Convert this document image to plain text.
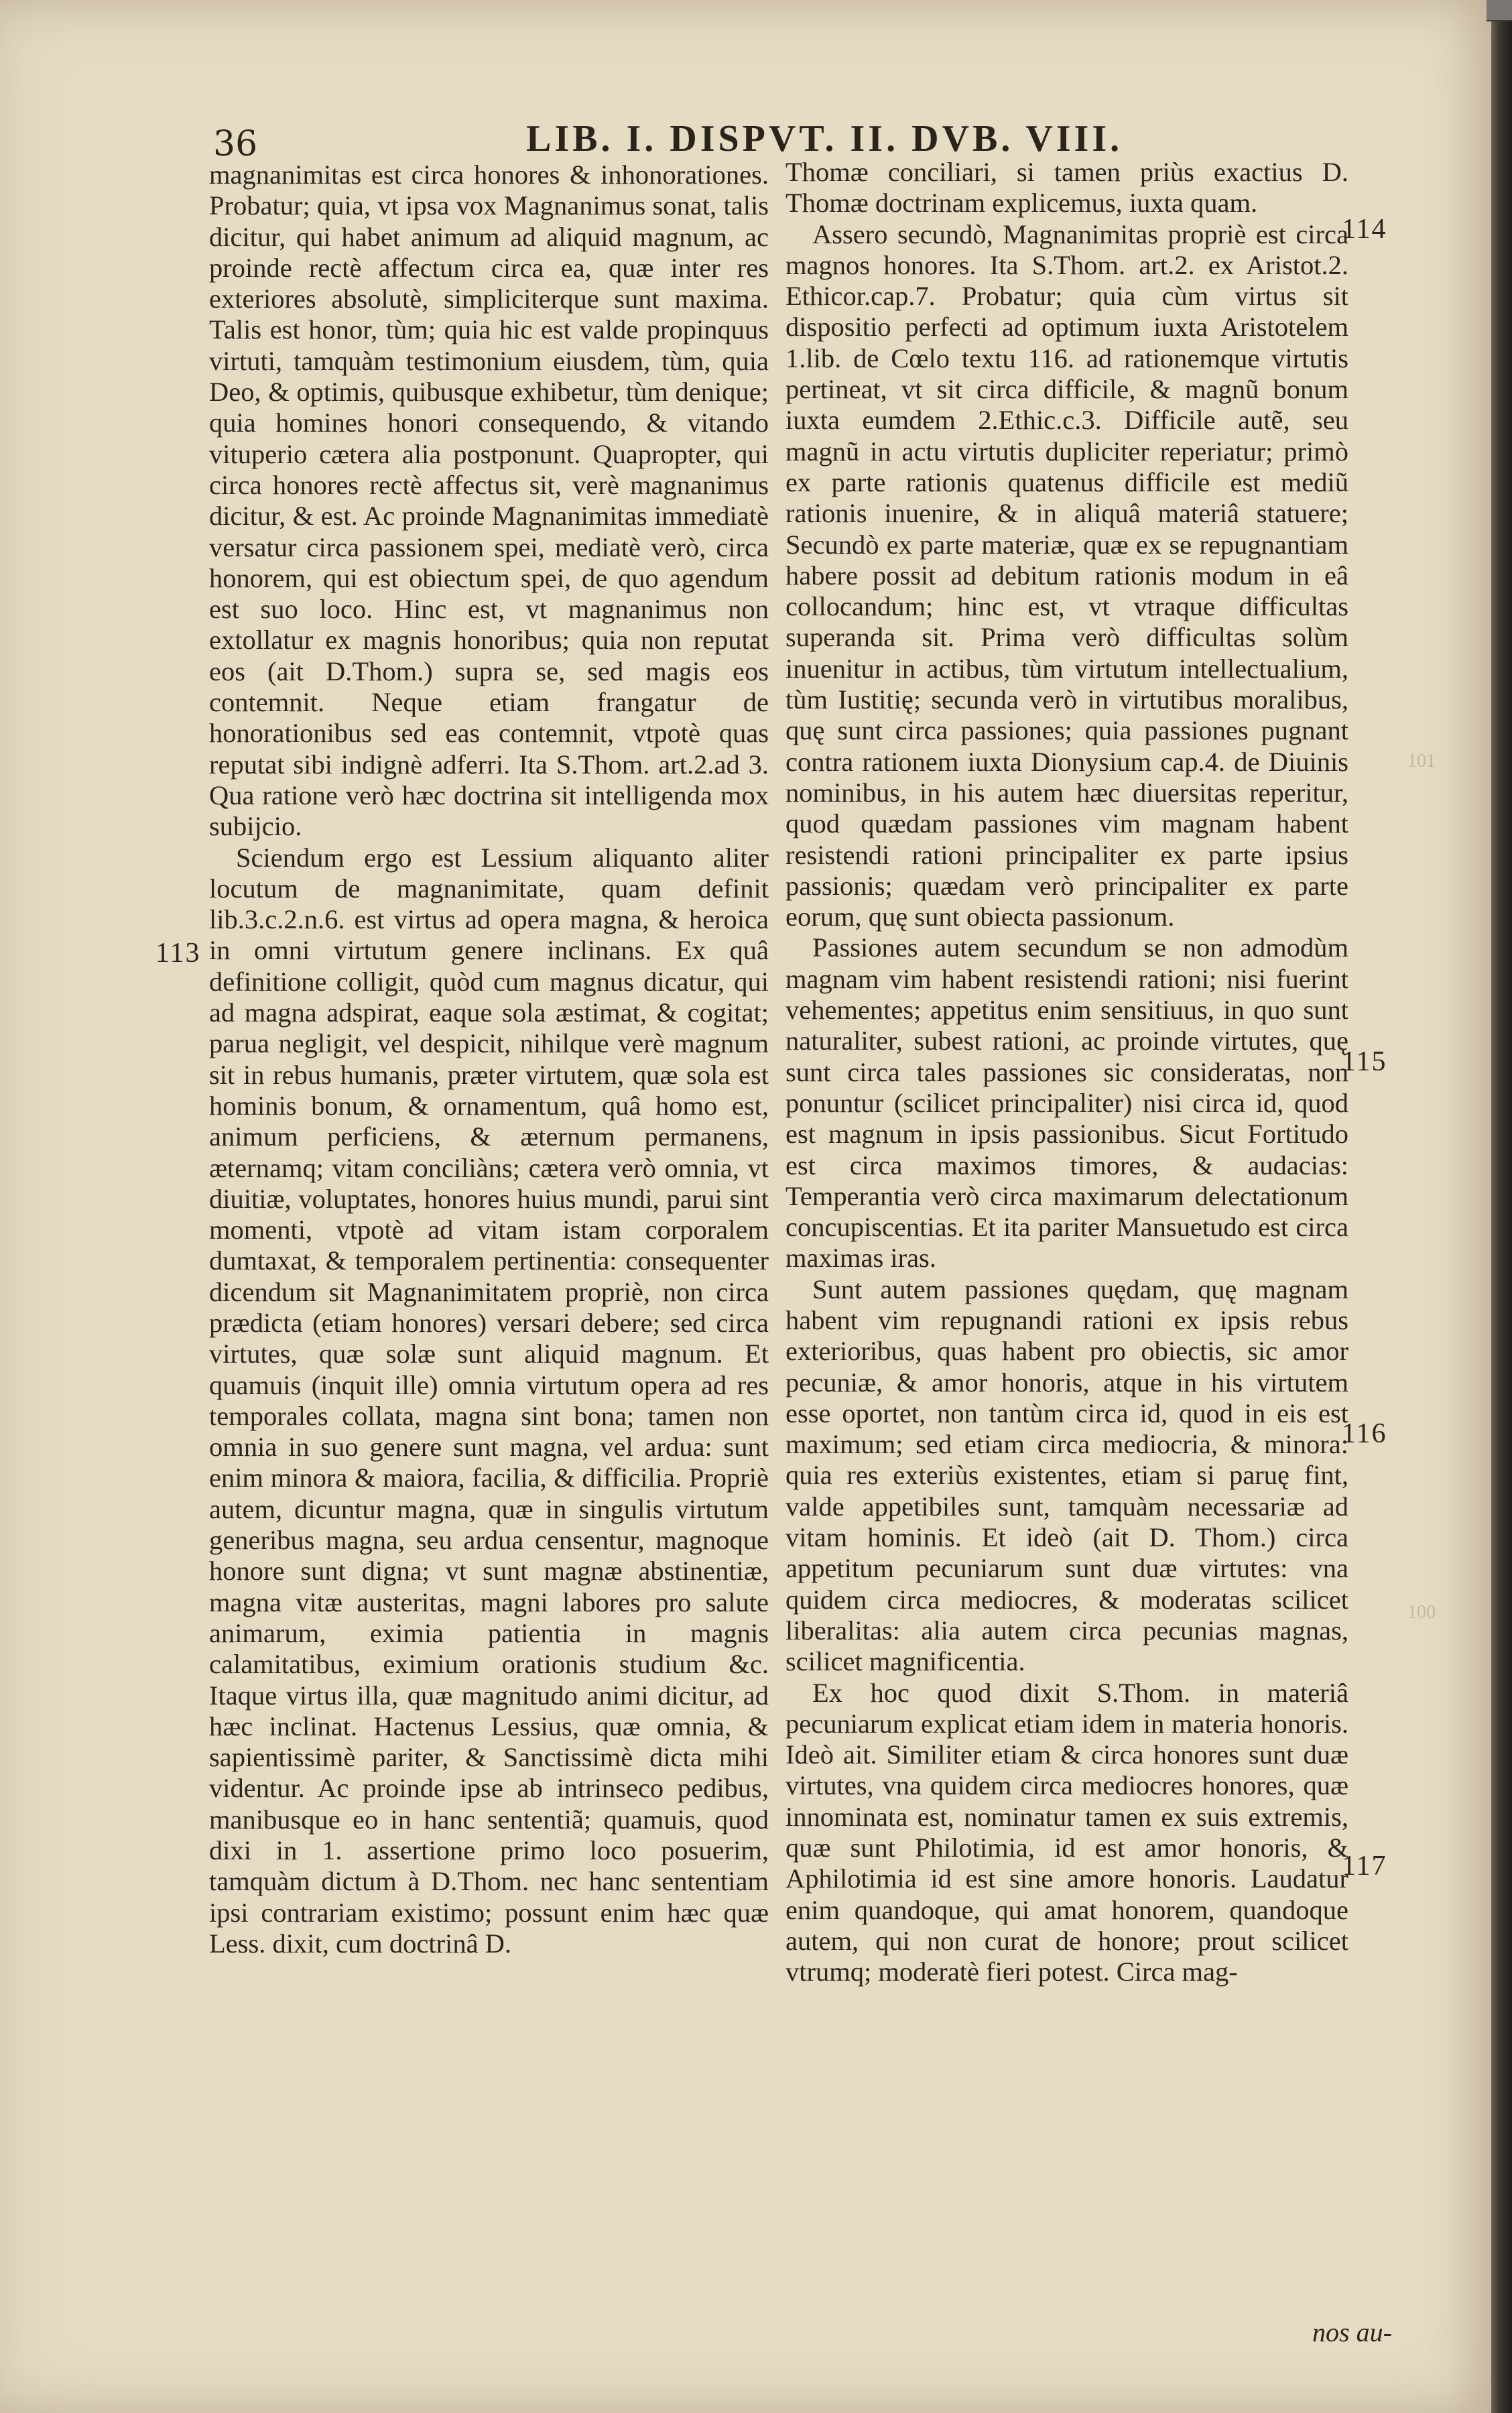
36	LIB. I. DISPVT. II. DVB. VIII.

magnanimitas est circa honores & inhonorationes. Probatur; quia, vt ipsa vox Magnanimus sonat, talis dicitur, qui habet animum ad aliquid magnum, ac proinde rectè affectum circa ea, quæ inter res exteriores absolutè, simpliciterque sunt maxima. Talis est honor, tùm; quia hic est valde propinquus virtuti, tamquàm testimonium eiusdem, tùm, quia Deo, & optimis, quibusque exhibetur, tùm denique; quia homines honori consequendo, & vitando vituperio cætera alia postponunt. Quapropter, qui circa honores rectè affectus sit, verè magnanimus dicitur, & est. Ac proinde Magnanimitas immediatè versatur circa passionem spei, mediatè verò, circa honorem, qui est obiectum spei, de quo agendum est suo loco. Hinc est, vt magnanimus non extollatur ex magnis honoribus; quia non reputat eos (ait D.Thom.) supra se, sed magis eos contemnit. Neque etiam frangatur de honorationibus sed eas contemnit, vtpotè quas reputat sibi indignè adferri. Ita S.Thom. art.2.ad 3. Qua ratione verò hæc doctrina sit intelligenda mox subijcio.

Sciendum ergo est Lessium aliquanto aliter locutum de magnanimitate, quam definit lib.3.c.2.n.6. est virtus ad opera magna, & heroica in omni virtutum genere inclinans. Ex quâ definitione colligit, quòd cum magnus dicatur, qui ad magna adspirat, eaque sola æstimat, & cogitat; parua negligit, vel despicit, nihilque verè magnum sit in rebus humanis, præter virtutem, quæ sola est hominis bonum, & ornamentum, quâ homo est, animum perficiens, & æternum permanens, æternamq; vitam conciliàns; cætera verò omnia, vt diuitiæ, voluptates, honores huius mundi, parui sint momenti, vtpotè ad vitam istam corporalem dumtaxat, & temporalem pertinentia: consequenter dicendum sit Magnanimitatem propriè, non circa prædicta (etiam honores) versari debere; sed circa virtutes, quæ solæ sunt aliquid magnum. Et quamuis (inquit ille) omnia virtutum opera ad res temporales collata, magna sint bona; tamen non omnia in suo genere sunt magna, vel ardua: sunt enim minora & maiora, facilia, & difficilia. Propriè autem, dicuntur magna, quæ in singulis virtutum generibus magna, seu ardua censentur, magnoque honore sunt digna; vt sunt magnæ abstinentiæ, magna vitæ austeritas, magni labores pro salute animarum, eximia patientia in magnis calamitatibus, eximium orationis studium &c. Itaque virtus illa, quæ magnitudo animi dicitur, ad hæc inclinat. Hactenus Lessius, quæ omnia, & sapientissimè pariter, & Sanctissimè dicta mihi videntur. Ac proinde ipse ab intrinseco pedibus, manibusque eo in hanc sententiã; quamuis, quod dixi in 1. assertione primo loco posuerim, tamquàm dictum à D.Thom. nec hanc sententiam ipsi contrariam existimo; possunt enim hæc quæ Less. dixit, cum doctrinâ D.

Thomæ conciliari, si tamen priùs exactius D. Thomæ doctrinam explicemus, iuxta quam.

Assero secundò, Magnanimitas propriè est circa magnos honores. Ita S.Thom. art.2. ex Aristot.2. Ethicor.cap.7. Probatur; quia cùm virtus sit dispositio perfecti ad optimum iuxta Aristotelem 1.lib. de Cœlo textu 116. ad rationemque virtutis pertineat, vt sit circa difficile, & magnũ bonum iuxta eumdem 2.Ethic.c.3. Difficile autẽ, seu magnũ in actu virtutis dupliciter reperiatur; primò ex parte rationis quatenus difficile est mediũ rationis inuenire, & in aliquâ materiâ statuere; Secundò ex parte materiæ, quæ ex se repugnantiam habere possit ad debitum rationis modum in eâ collocandum; hinc est, vt vtraque difficultas superanda sit. Prima verò difficultas solùm inuenitur in actibus, tùm virtutum intellectualium, tùm Iustitię; secunda verò in virtutibus moralibus, quę sunt circa passiones; quia passiones pugnant contra rationem iuxta Dionysium cap.4. de Diuinis nominibus, in his autem hæc diuersitas reperitur, quod quædam passiones vim magnam habent resistendi rationi principaliter ex parte ipsius passionis; quædam verò principaliter ex parte eorum, quę sunt obiecta passionum.

Passiones autem secundum se non admodùm magnam vim habent resistendi rationi; nisi fuerint vehementes; appetitus enim sensitiuus, in quo sunt naturaliter, subest rationi, ac proinde virtutes, quę sunt circa tales passiones sic consideratas, non ponuntur (scilicet principaliter) nisi circa id, quod est magnum in ipsis passionibus. Sicut Fortitudo est circa maximos timores, & audacias: Temperantia verò circa maximarum delectationum concupiscentias. Et ita pariter Mansuetudo est circa maximas iras.

Sunt autem passiones quędam, quę magnam habent vim repugnandi rationi ex ipsis rebus exterioribus, quas habent pro obiectis, sic amor pecuniæ, & amor honoris, atque in his virtutem esse oportet, non tantùm circa id, quod in eis est maximum; sed etiam circa mediocria, & minora: quia res exteriùs existentes, etiam si paruę fint, valde appetibiles sunt, tamquàm necessariæ ad vitam hominis. Et ideò (ait D. Thom.) circa appetitum pecuniarum sunt duæ virtutes: vna quidem circa mediocres, & moderatas scilicet liberalitas: alia autem circa pecunias magnas, scilicet magnificentia.

Ex hoc quod dixit S.Thom. in materiâ pecuniarum explicat etiam idem in materia honoris. Ideò ait. Similiter etiam & circa honores sunt duæ virtutes, vna quidem circa mediocres honores, quæ innominata est, nominatur tamen ex suis extremis, quæ sunt Philotimia, id est amor honoris, & Aphilotimia id est sine amore honoris. Laudatur enim quandoque, qui amat honorem, quandoque autem, qui non curat de honore; prout scilicet vtrumq; moderatè fieri potest. Circa mag-

113
114
115
116
117
101
100
nos au-
